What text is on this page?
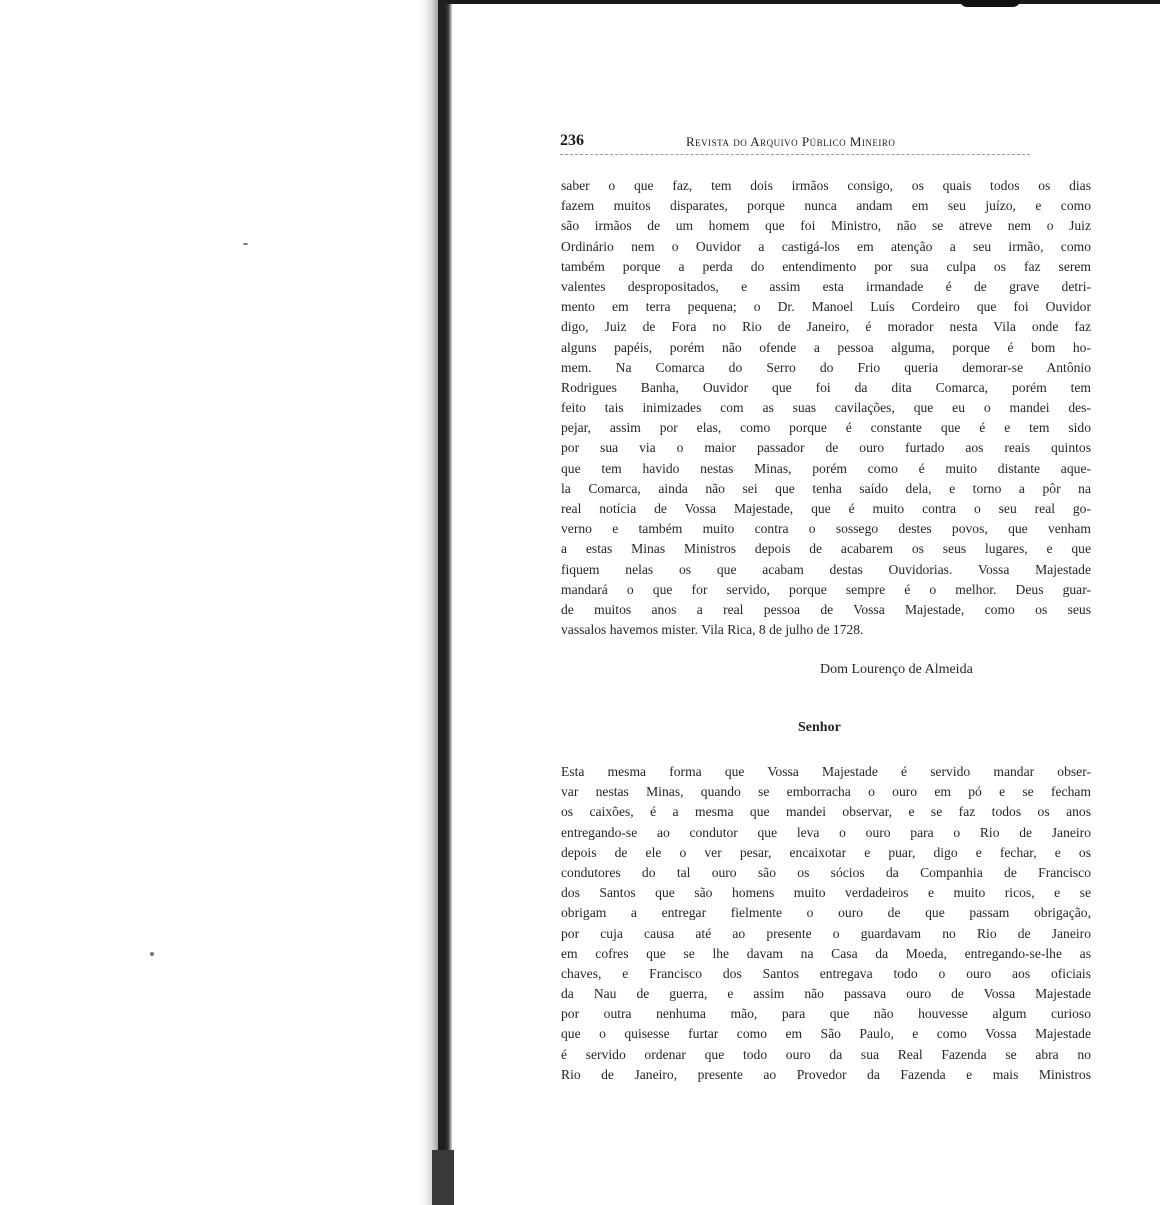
236	Revista do Arquivo Público Mineiro
saber o que faz, tem dois irmãos consigo, os quais todos os dias
fazem muitos disparates, porque nunca andam em seu juízo, e como
são irmãos de um homem que foi Ministro, não se atreve nem o Juiz
Ordinário nem o Ouvidor a castigá-los em atenção a seu irmão, como
também porque a perda do entendimento por sua culpa os faz serem
valentes despropositados, e assim esta irmandade é de grave detri-
mento em terra pequena; o Dr. Manoel Luís Cordeiro que foi Ouvidor
digo, Juiz de Fora no Rio de Janeiro, é morador nesta Vila onde faz
alguns papéis, porém não ofende a pessoa alguma, porque é bom ho-
mem. Na Comarca do Serro do Frio queria demorar-se Antônio
Rodrigues Banha, Ouvidor que foi da dita Comarca, porém tem
feito tais inimizades com as suas cavilações, que eu o mandei des-
pejar, assim por elas, como porque é constante que é e tem sido
por sua via o maior passador de ouro furtado aos reais quintos
que tem havido nestas Minas, porém como é muito distante aque-
la Comarca, ainda não sei que tenha saído dela, e torno a pôr na
real notícia de Vossa Majestade, que é muito contra o seu real go-
verno e também muito contra o sossego destes povos, que venham
a estas Minas Ministros depois de acabarem os seus lugares, e que
fiquem nelas os que acabam destas Ouvidorias. Vossa Majestade
mandará o que for servido, porque sempre é o melhor. Deus guar-
de muitos anos a real pessoa de Vossa Majestade, como os seus
vassalos havemos mister. Vila Rica, 8 de julho de 1728.
Dom Lourenço de Almeida
Senhor
Esta mesma forma que Vossa Majestade é servido mandar obser-
var nestas Minas, quando se emborracha o ouro em pó e se fecham
os caixões, é a mesma que mandei observar, e se faz todos os anos
entregando-se ao condutor que leva o ouro para o Rio de Janeiro
depois de ele o ver pesar, encaixotar e puar, digo e fechar, e os
condutores do tal ouro são os sócios da Companhia de Francisco
dos Santos que são homens muito verdadeiros e muito ricos, e se
obrigam a entregar fielmente o ouro de que passam obrigação,
por cuja causa até ao presente o guardavam no Rio de Janeiro
em cofres que se lhe davam na Casa da Moeda, entregando-se-lhe as
chaves, e Francisco dos Santos entregava todo o ouro aos oficiais
da Nau de guerra, e assim não passava ouro de Vossa Majestade
por outra nenhuma mão, para que não houvesse algum curioso
que o quisesse furtar como em São Paulo, e como Vossa Majestade
é servido ordenar que todo ouro da sua Real Fazenda se abra no
Rio de Janeiro, presente ao Provedor da Fazenda e mais Ministros
